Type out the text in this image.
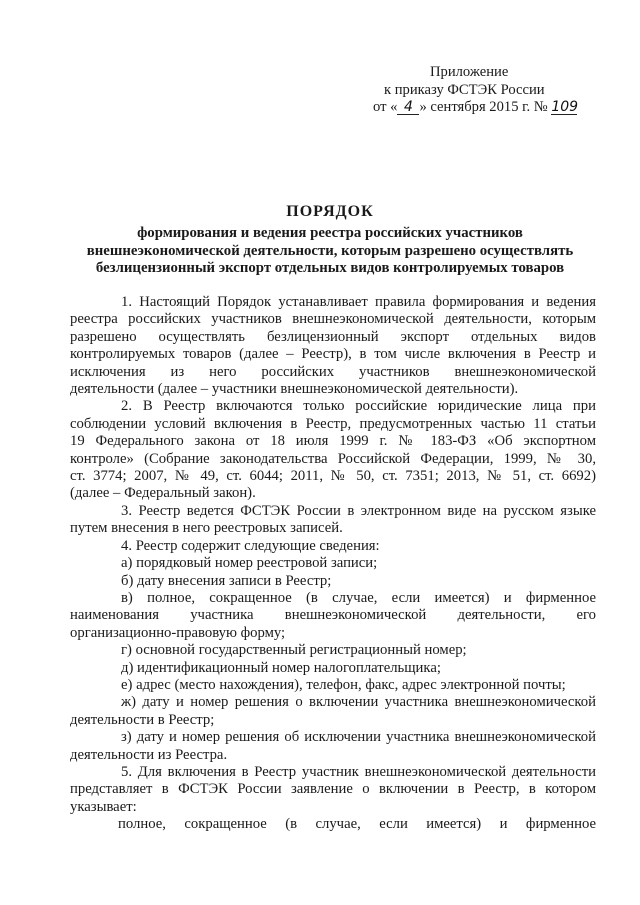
Приложение
к приказу ФСТЭК России
от « 4 » сентября 2015 г. № 109
ПОРЯДОК
формирования и ведения реестра российских участников
внешнеэкономической деятельности, которым разрешено осуществлять
безлицензионный экспорт отдельных видов контролируемых товаров
1. Настоящий Порядок устанавливает правила формирования и ведения
реестра российских участников внешнеэкономической деятельности, которым
разрешено осуществлять безлицензионный экспорт отдельных видов
контролируемых товаров (далее – Реестр), в том числе включения в Реестр и
исключения из него российских участников внешнеэкономической
деятельности (далее – участники внешнеэкономической деятельности).
2. В Реестр включаются только российские юридические лица при
соблюдении условий включения в Реестр, предусмотренных частью 11 статьи
19 Федерального закона от 18 июля 1999 г. № 183-ФЗ «Об экспортном
контроле» (Собрание законодательства Российской Федерации, 1999, № 30,
ст. 3774; 2007, № 49, ст. 6044; 2011, № 50, ст. 7351; 2013, № 51, ст. 6692)
(далее – Федеральный закон).
3. Реестр ведется ФСТЭК России в электронном виде на русском языке
путем внесения в него реестровых записей.
4. Реестр содержит следующие сведения:
а) порядковый номер реестровой записи;
б) дату внесения записи в Реестр;
в) полное, сокращенное (в случае, если имеется) и фирменное
наименования участника внешнеэкономической деятельности, его
организационно-правовую форму;
г) основной государственный регистрационный номер;
д) идентификационный номер налогоплательщика;
е) адрес (место нахождения), телефон, факс, адрес электронной почты;
ж) дату и номер решения о включении участника внешнеэкономической
деятельности в Реестр;
з) дату и номер решения об исключении участника внешнеэкономической
деятельности из Реестра.
5. Для включения в Реестр участник внешнеэкономической деятельности
представляет в ФСТЭК России заявление о включении в Реестр, в котором
указывает:
полное, сокращенное (в случае, если имеется) и фирменное
